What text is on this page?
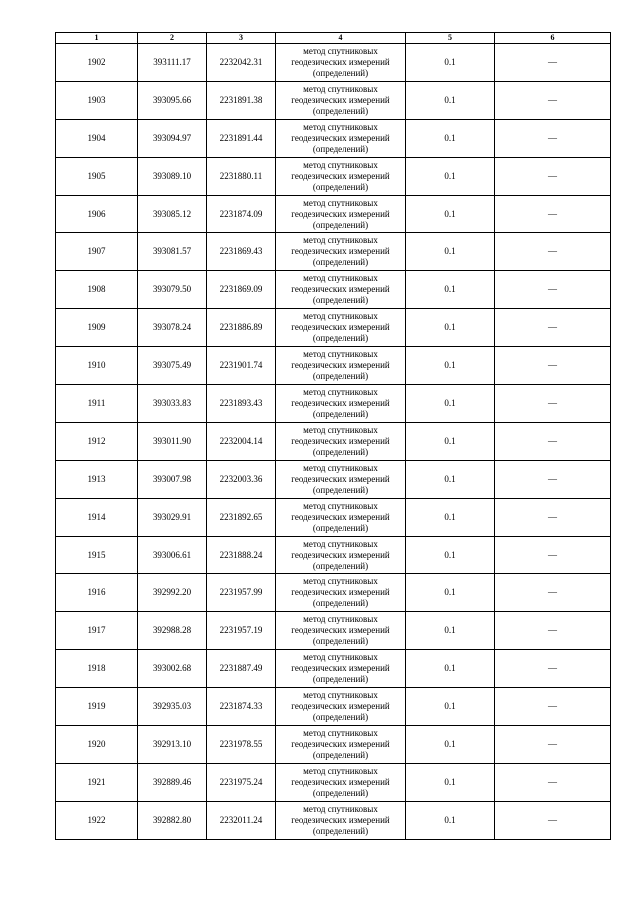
1	2	3	4	5	6
1902	393111.17	2232042.31	метод спутниковых
геодезических измерений
(определений)	0.1	—
1903	393095.66	2231891.38	метод спутниковых
геодезических измерений
(определений)	0.1	—
1904	393094.97	2231891.44	метод спутниковых
геодезических измерений
(определений)	0.1	—
1905	393089.10	2231880.11	метод спутниковых
геодезических измерений
(определений)	0.1	—
1906	393085.12	2231874.09	метод спутниковых
геодезических измерений
(определений)	0.1	—
1907	393081.57	2231869.43	метод спутниковых
геодезических измерений
(определений)	0.1	—
1908	393079.50	2231869.09	метод спутниковых
геодезических измерений
(определений)	0.1	—
1909	393078.24	2231886.89	метод спутниковых
геодезических измерений
(определений)	0.1	—
1910	393075.49	2231901.74	метод спутниковых
геодезических измерений
(определений)	0.1	—
1911	393033.83	2231893.43	метод спутниковых
геодезических измерений
(определений)	0.1	—
1912	393011.90	2232004.14	метод спутниковых
геодезических измерений
(определений)	0.1	—
1913	393007.98	2232003.36	метод спутниковых
геодезических измерений
(определений)	0.1	—
1914	393029.91	2231892.65	метод спутниковых
геодезических измерений
(определений)	0.1	—
1915	393006.61	2231888.24	метод спутниковых
геодезических измерений
(определений)	0.1	—
1916	392992.20	2231957.99	метод спутниковых
геодезических измерений
(определений)	0.1	—
1917	392988.28	2231957.19	метод спутниковых
геодезических измерений
(определений)	0.1	—
1918	393002.68	2231887.49	метод спутниковых
геодезических измерений
(определений)	0.1	—
1919	392935.03	2231874.33	метод спутниковых
геодезических измерений
(определений)	0.1	—
1920	392913.10	2231978.55	метод спутниковых
геодезических измерений
(определений)	0.1	—
1921	392889.46	2231975.24	метод спутниковых
геодезических измерений
(определений)	0.1	—
1922	392882.80	2232011.24	метод спутниковых
геодезических измерений
(определений)	0.1	—
